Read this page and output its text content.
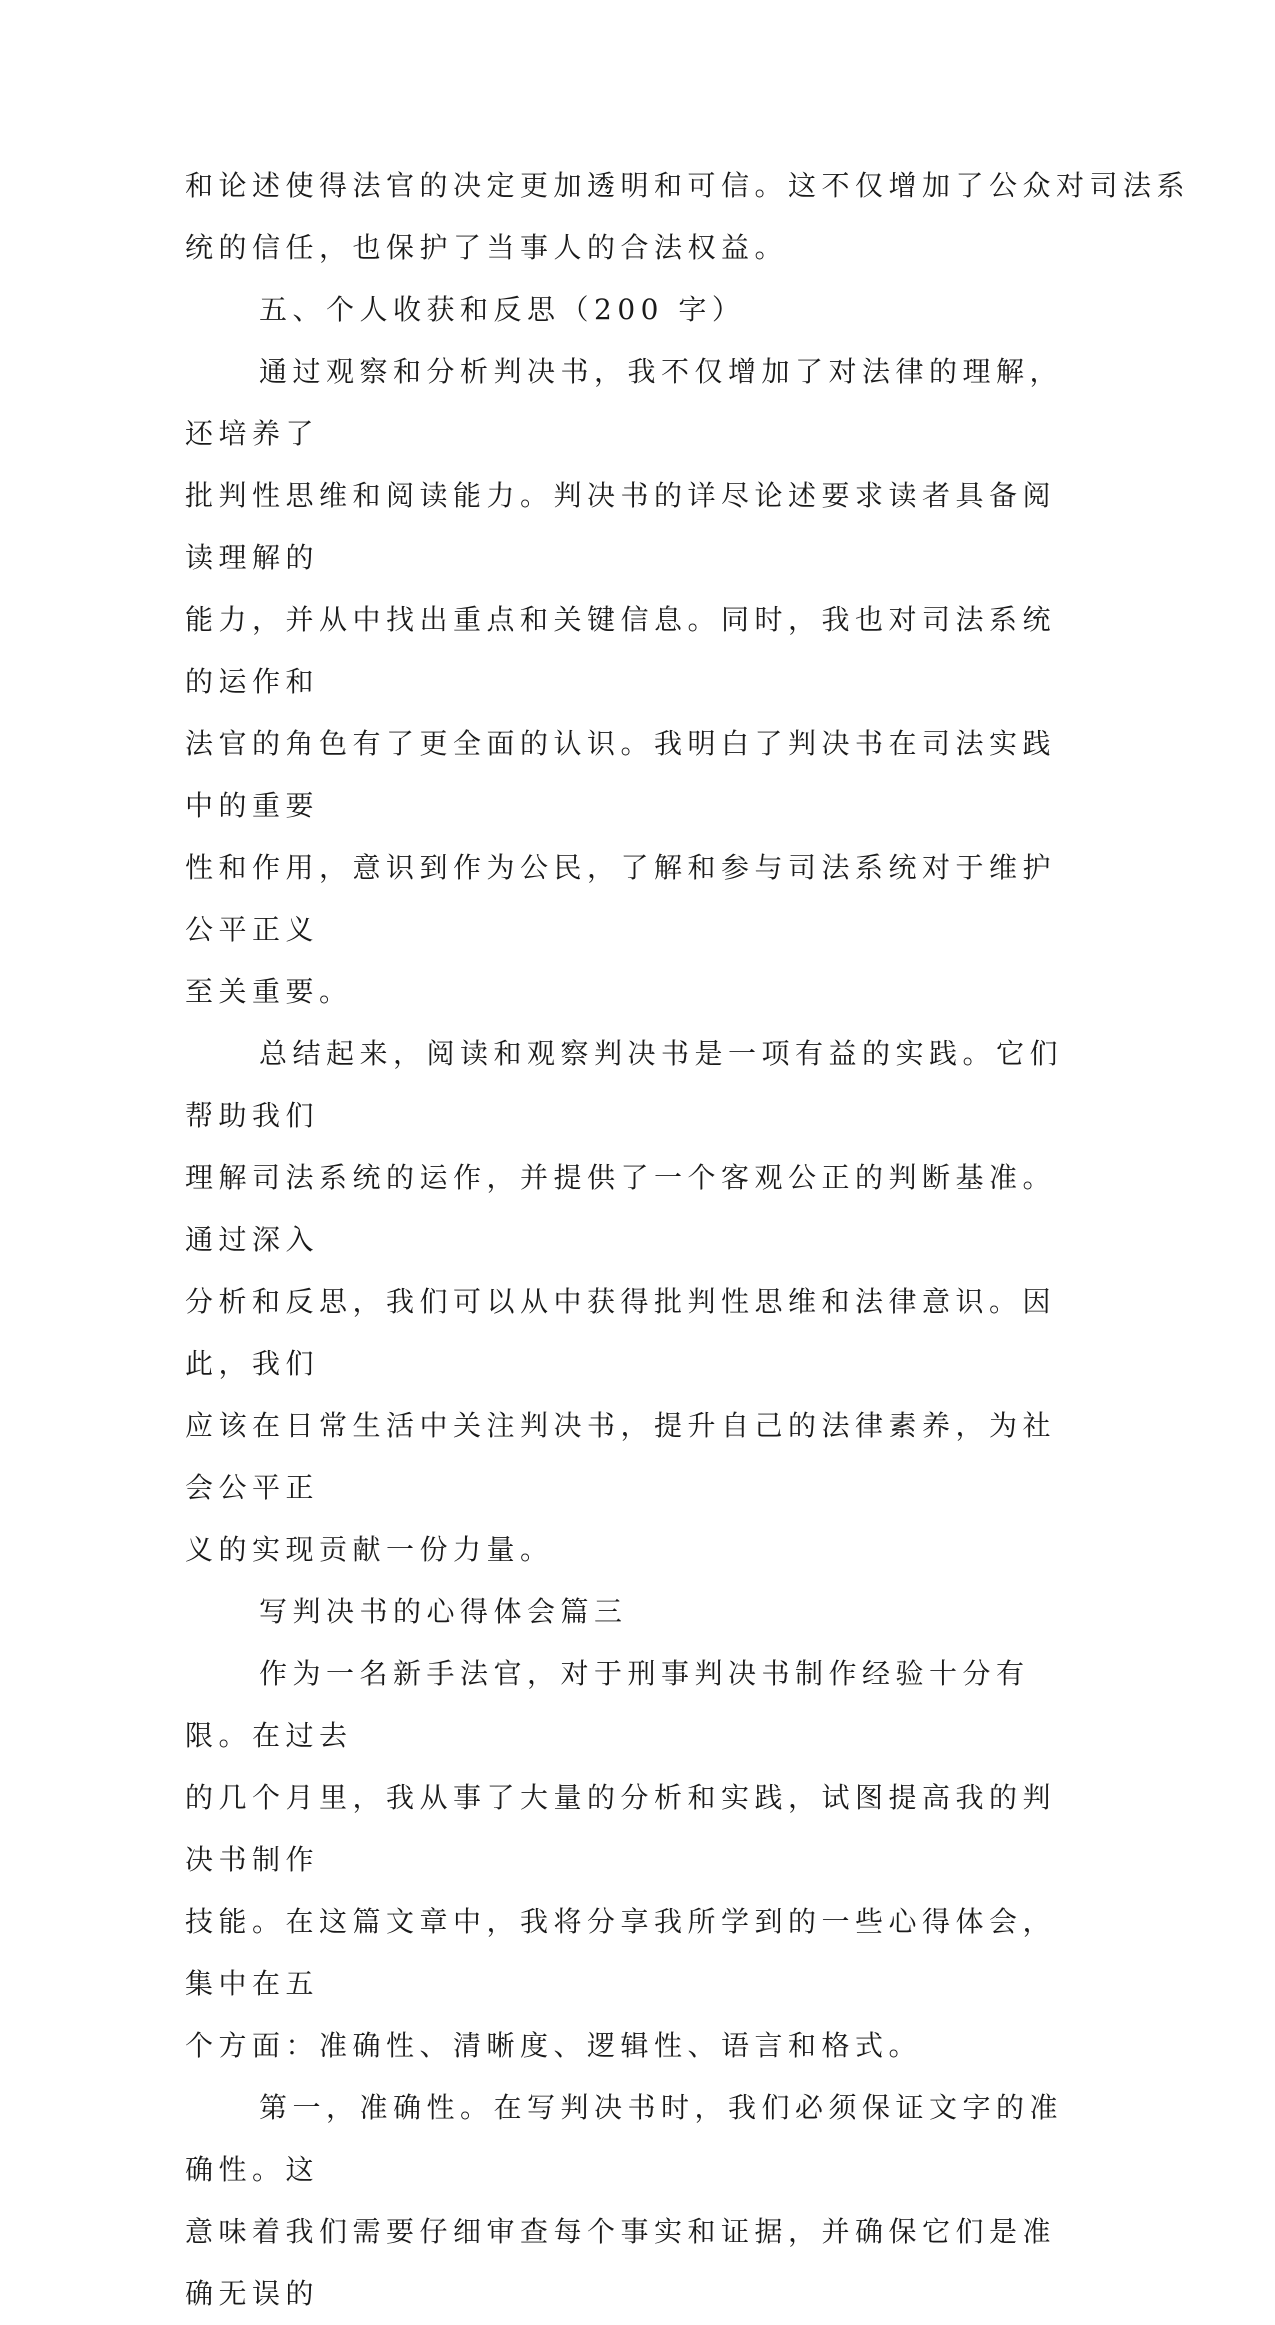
和论述使得法官的决定更加透明和可信。这不仅增加了公众对司法系
统的信任，也保护了当事人的合法权益。

五、个人收获和反思（200 字）

通过观察和分析判决书，我不仅增加了对法律的理解，还培养了
批判性思维和阅读能力。判决书的详尽论述要求读者具备阅读理解的
能力，并从中找出重点和关键信息。同时，我也对司法系统的运作和
法官的角色有了更全面的认识。我明白了判决书在司法实践中的重要
性和作用，意识到作为公民，了解和参与司法系统对于维护公平正义
至关重要。

总结起来，阅读和观察判决书是一项有益的实践。它们帮助我们
理解司法系统的运作，并提供了一个客观公正的判断基准。通过深入
分析和反思，我们可以从中获得批判性思维和法律意识。因此，我们
应该在日常生活中关注判决书，提升自己的法律素养，为社会公平正
义的实现贡献一份力量。

写判决书的心得体会篇三

作为一名新手法官，对于刑事判决书制作经验十分有限。在过去
的几个月里，我从事了大量的分析和实践，试图提高我的判决书制作
技能。在这篇文章中，我将分享我所学到的一些心得体会，集中在五
个方面：准确性、清晰度、逻辑性、语言和格式。

第一，准确性。在写判决书时，我们必须保证文字的准确性。这
意味着我们需要仔细审查每个事实和证据，并确保它们是准确无误的
